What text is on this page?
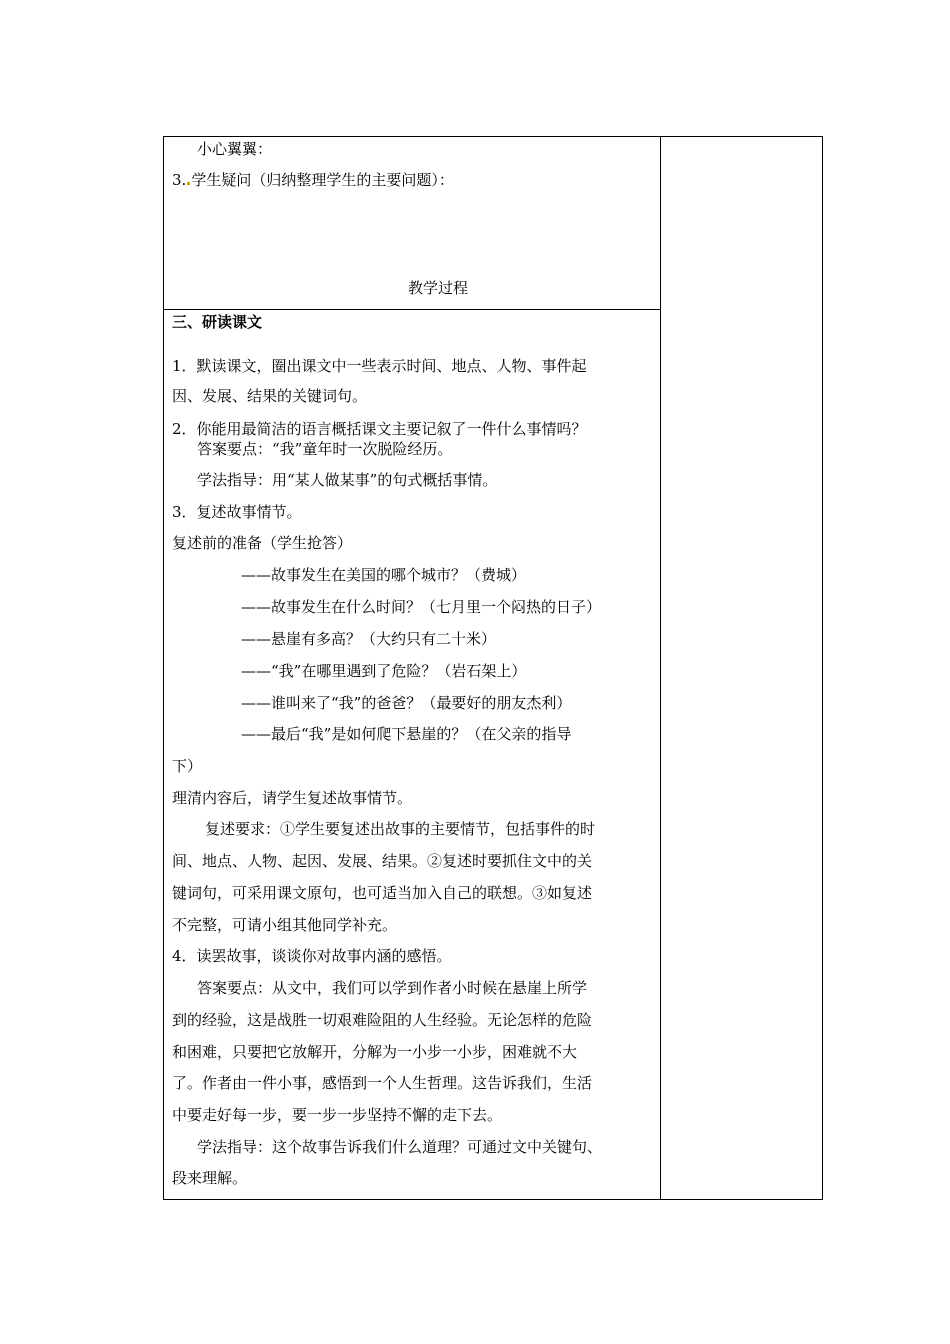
小心翼翼：
3. 学生疑问（归纳整理学生的主要问题）：
教学过程
三、研读课文
1．默读课文，圈出课文中一些表示时间、地点、人物、事件起
因、发展、结果的关键词句。
2．你能用最简洁的语言概括课文主要记叙了一件什么事情吗？
答案要点：“我”童年时一次脱险经历。
学法指导：用“某人做某事”的句式概括事情。
3．复述故事情节。
复述前的准备（学生抢答）
——故事发生在美国的哪个城市？（费城）
——故事发生在什么时间？（七月里一个闷热的日子）
——悬崖有多高？（大约只有二十米）
——“我”在哪里遇到了危险？（岩石架上）
——谁叫来了“我”的爸爸？（最要好的朋友杰利）
——最后“我”是如何爬下悬崖的？（在父亲的指导
下）
理清内容后，请学生复述故事情节。
复述要求：①学生要复述出故事的主要情节，包括事件的时
间、地点、人物、起因、发展、结果。②复述时要抓住文中的关
键词句，可采用课文原句，也可适当加入自己的联想。③如复述
不完整，可请小组其他同学补充。
4．读罢故事，谈谈你对故事内涵的感悟。
答案要点：从文中，我们可以学到作者小时候在悬崖上所学
到的经验，这是战胜一切艰难险阻的人生经验。无论怎样的危险
和困难，只要把它放解开，分解为一小步一小步，困难就不大
了。作者由一件小事，感悟到一个人生哲理。这告诉我们，生活
中要走好每一步，要一步一步坚持不懈的走下去。
学法指导：这个故事告诉我们什么道理？可通过文中关键句、
段来理解。
